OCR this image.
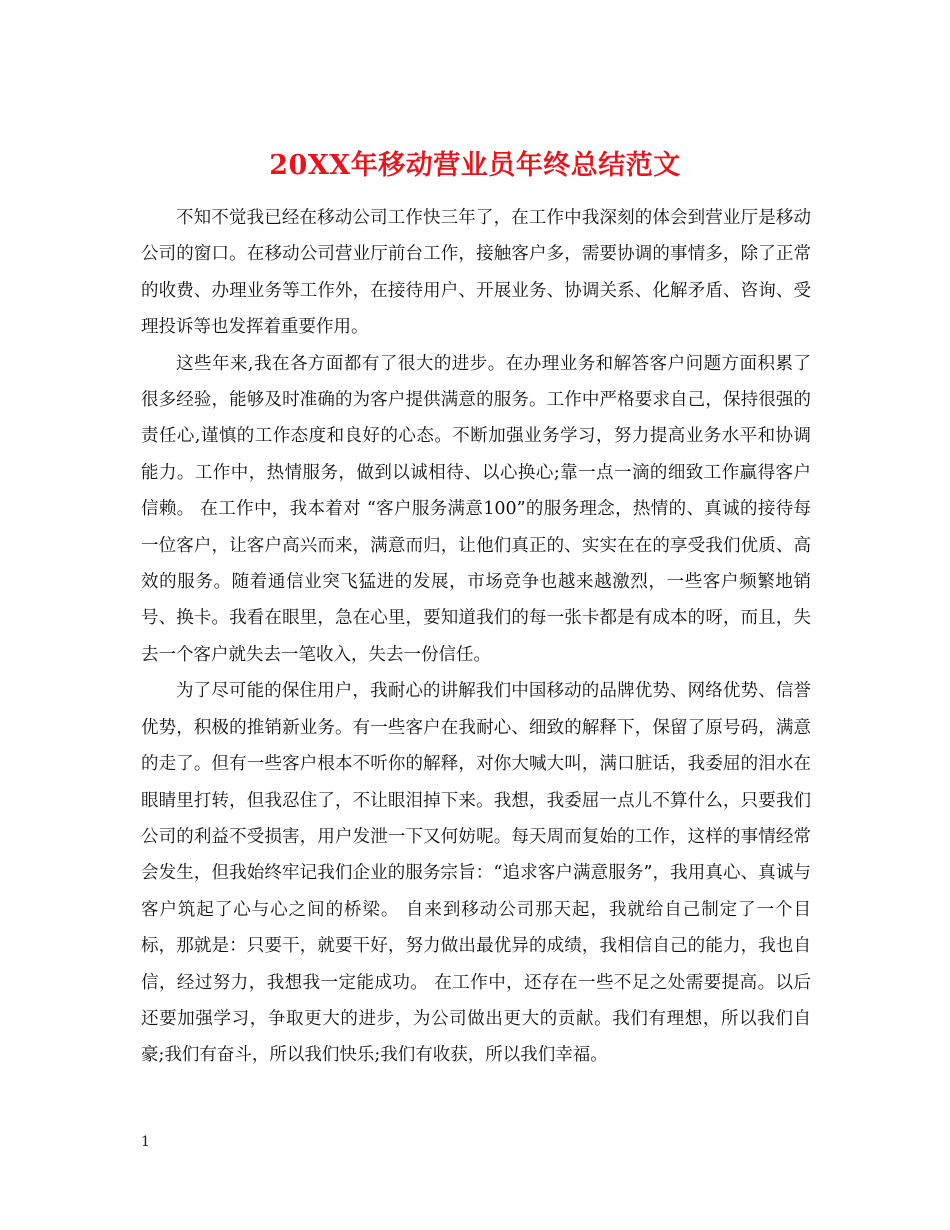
20XX年移动营业员年终总结范文

不知不觉我已经在移动公司工作快三年了，在工作中我深刻的体会到营业厅是移动公司的窗口。在移动公司营业厅前台工作，接触客户多，需要协调的事情多，除了正常的收费、办理业务等工作外，在接待用户、开展业务、协调关系、化解矛盾、咨询、受理投诉等也发挥着重要作用。

这些年来,我在各方面都有了很大的进步。在办理业务和解答客户问题方面积累了很多经验，能够及时准确的为客户提供满意的服务。工作中严格要求自己，保持很强的责任心,谨慎的工作态度和良好的心态。不断加强业务学习，努力提高业务水平和协调能力。工作中，热情服务，做到以诚相待、以心换心;靠一点一滴的细致工作赢得客户信赖。 在工作中，我本着对 “客户服务满意100”的服务理念，热情的、真诚的接待每一位客户，让客户高兴而来，满意而归，让他们真正的、实实在在的享受我们优质、高效的服务。随着通信业突飞猛进的发展，市场竞争也越来越激烈，一些客户频繁地销号、换卡。我看在眼里，急在心里，要知道我们的每一张卡都是有成本的呀，而且，失去一个客户就失去一笔收入，失去一份信任。

为了尽可能的保住用户，我耐心的讲解我们中国移动的品牌优势、网络优势、信誉优势，积极的推销新业务。有一些客户在我耐心、细致的解释下，保留了原号码，满意的走了。但有一些客户根本不听你的解释，对你大喊大叫，满口脏话，我委屈的泪水在眼睛里打转，但我忍住了，不让眼泪掉下来。我想，我委屈一点儿不算什么，只要我们公司的利益不受损害，用户发泄一下又何妨呢。每天周而复始的工作，这样的事情经常会发生，但我始终牢记我们企业的服务宗旨：“追求客户满意服务”，我用真心、真诚与客户筑起了心与心之间的桥梁。 自来到移动公司那天起，我就给自己制定了一个目标，那就是：只要干，就要干好，努力做出最优异的成绩，我相信自己的能力，我也自信，经过努力，我想我一定能成功。 在工作中，还存在一些不足之处需要提高。以后还要加强学习，争取更大的进步，为公司做出更大的贡献。我们有理想，所以我们自豪;我们有奋斗，所以我们快乐;我们有收获，所以我们幸福。

1
